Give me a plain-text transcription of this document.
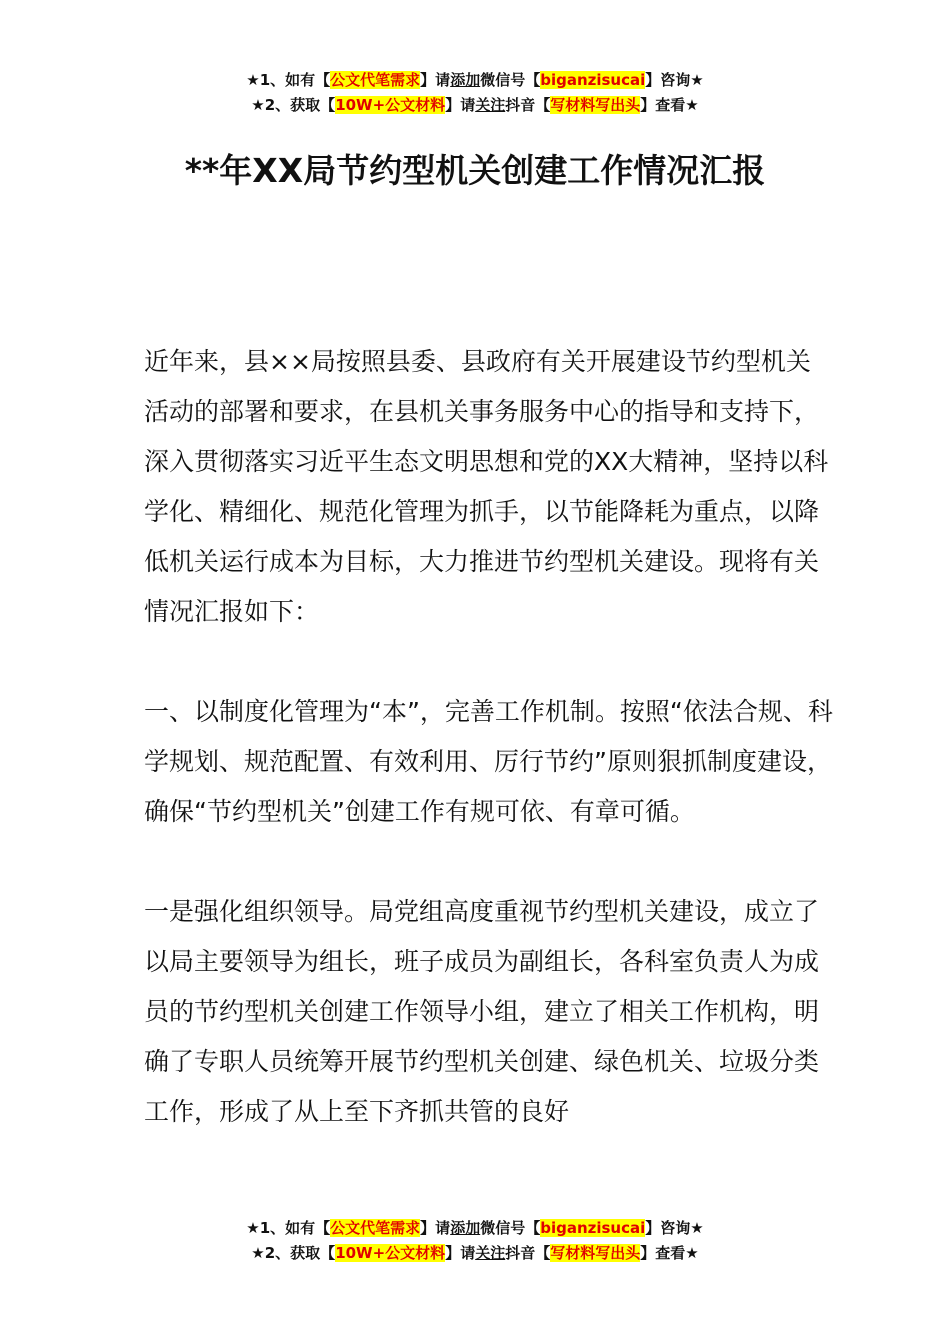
★1、如有【公文代笔需求】请添加微信号【biganzisucai】咨询★
★2、获取【10W+公文材料】请关注抖音【写材料写出头】查看★
**年XX局节约型机关创建工作情况汇报

近年来，县××局按照县委、县政府有关开展建设节约型机关活动的部署和要求，在县机关事务服务中心的指导和支持下，深入贯彻落实习近平生态文明思想和党的XX大精神，坚持以科学化、精细化、规范化管理为抓手，以节能降耗为重点，以降低机关运行成本为目标，大力推进节约型机关建设。现将有关情况汇报如下：

一、以制度化管理为“本”，完善工作机制。按照“依法合规、科学规划、规范配置、有效利用、厉行节约”原则狠抓制度建设，确保“节约型机关”创建工作有规可依、有章可循。

一是强化组织领导。局党组高度重视节约型机关建设，成立了以局主要领导为组长，班子成员为副组长，各科室负责人为成员的节约型机关创建工作领导小组，建立了相关工作机构，明确了专职人员统筹开展节约型机关创建、绿色机关、垃圾分类工作，形成了从上至下齐抓共管的良好

★1、如有【公文代笔需求】请添加微信号【biganzisucai】咨询★
★2、获取【10W+公文材料】请关注抖音【写材料写出头】查看★
